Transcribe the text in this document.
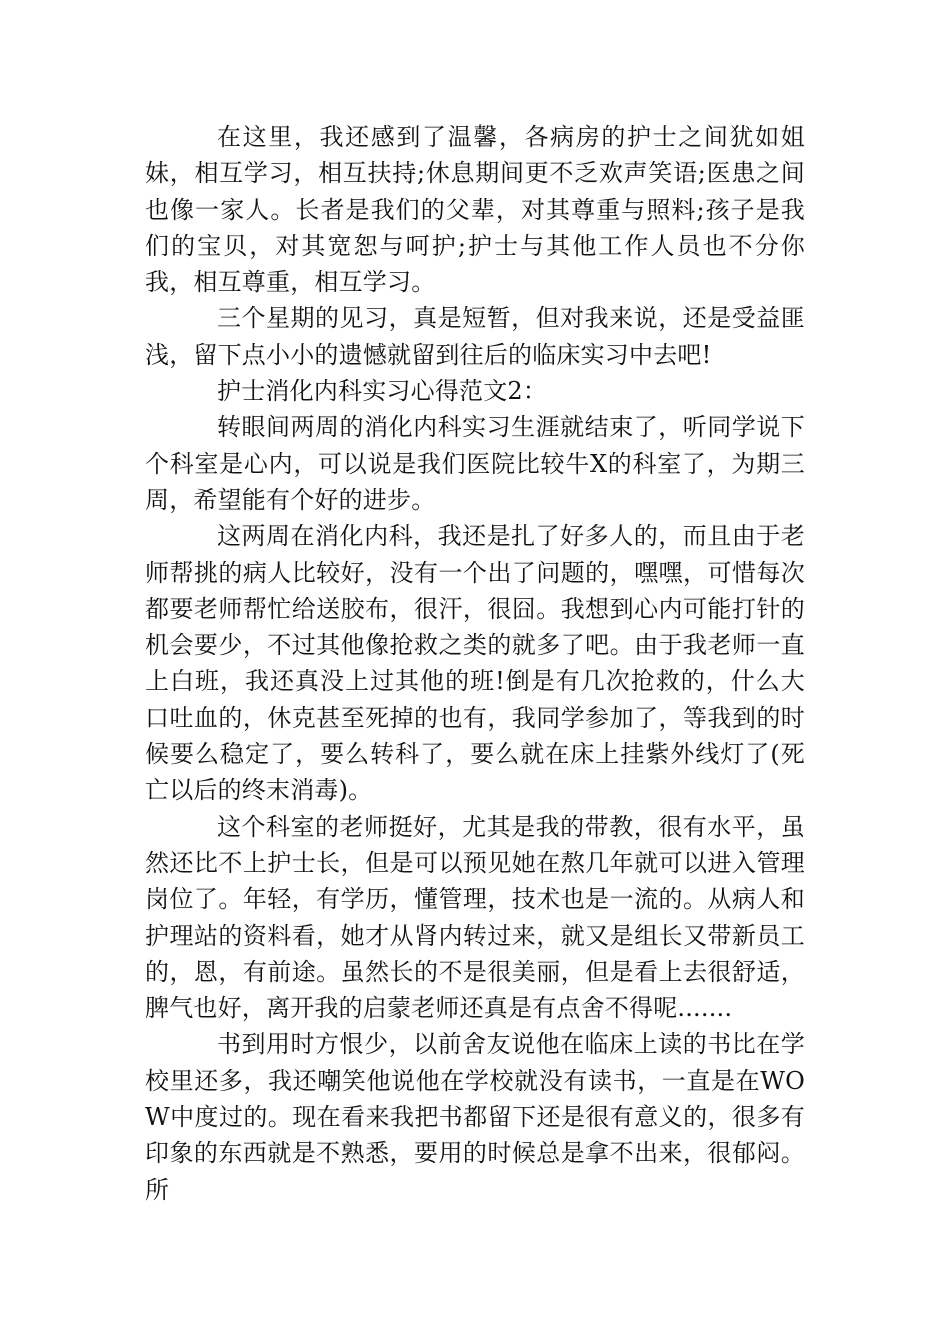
在这里，我还感到了温馨，各病房的护士之间犹如姐妹，相互学习，相互扶持;休息期间更不乏欢声笑语;医患之间也像一家人。长者是我们的父辈，对其尊重与照料;孩子是我们的宝贝，对其宽恕与呵护;护士与其他工作人员也不分你我，相互尊重，相互学习。

三个星期的见习，真是短暂，但对我来说，还是受益匪浅，留下点小小的遗憾就留到往后的临床实习中去吧!

护士消化内科实习心得范文2：

转眼间两周的消化内科实习生涯就结束了，听同学说下个科室是心内，可以说是我们医院比较牛X的科室了，为期三周，希望能有个好的进步。

这两周在消化内科，我还是扎了好多人的，而且由于老师帮挑的病人比较好，没有一个出了问题的，嘿嘿，可惜每次都要老师帮忙给送胶布，很汗，很囧。我想到心内可能打针的机会要少，不过其他像抢救之类的就多了吧。由于我老师一直上白班，我还真没上过其他的班!倒是有几次抢救的，什么大口吐血的，休克甚至死掉的也有，我同学参加了，等我到的时候要么稳定了，要么转科了，要么就在床上挂紫外线灯了(死亡以后的终末消毒)。

这个科室的老师挺好，尤其是我的带教，很有水平，虽然还比不上护士长，但是可以预见她在熬几年就可以进入管理岗位了。年轻，有学历，懂管理，技术也是一流的。从病人和护理站的资料看，她才从肾内转过来，就又是组长又带新员工的，恩，有前途。虽然长的不是很美丽，但是看上去很舒适，脾气也好，离开我的启蒙老师还真是有点舍不得呢.......

书到用时方恨少，以前舍友说他在临床上读的书比在学校里还多，我还嘲笑他说他在学校就没有读书，一直是在WOW中度过的。现在看来我把书都留下还是很有意义的，很多有印象的东西就是不熟悉，要用的时候总是拿不出来，很郁闷。所
